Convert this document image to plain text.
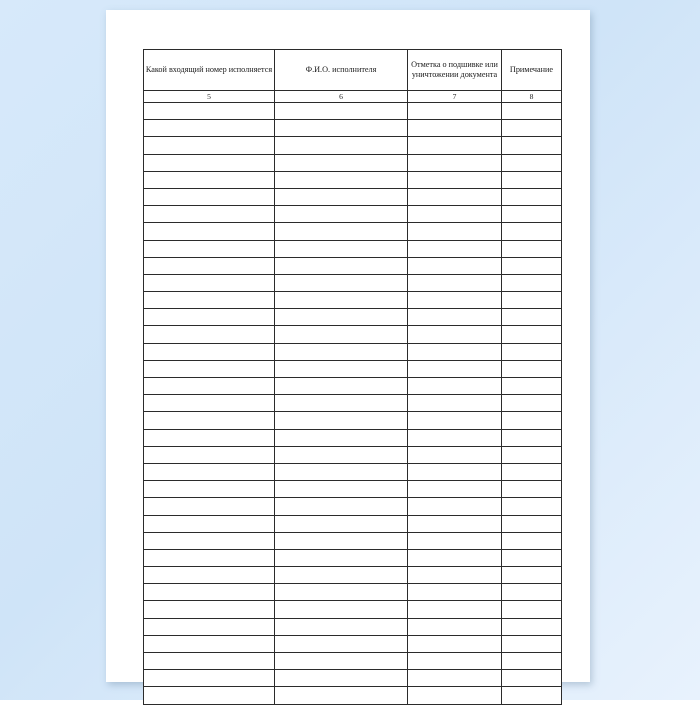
Какой входящий номер исполняется	Ф.И.О. исполнителя	Отметка о подшивке или уничтожении документа	Примечание
5	6	7	8
